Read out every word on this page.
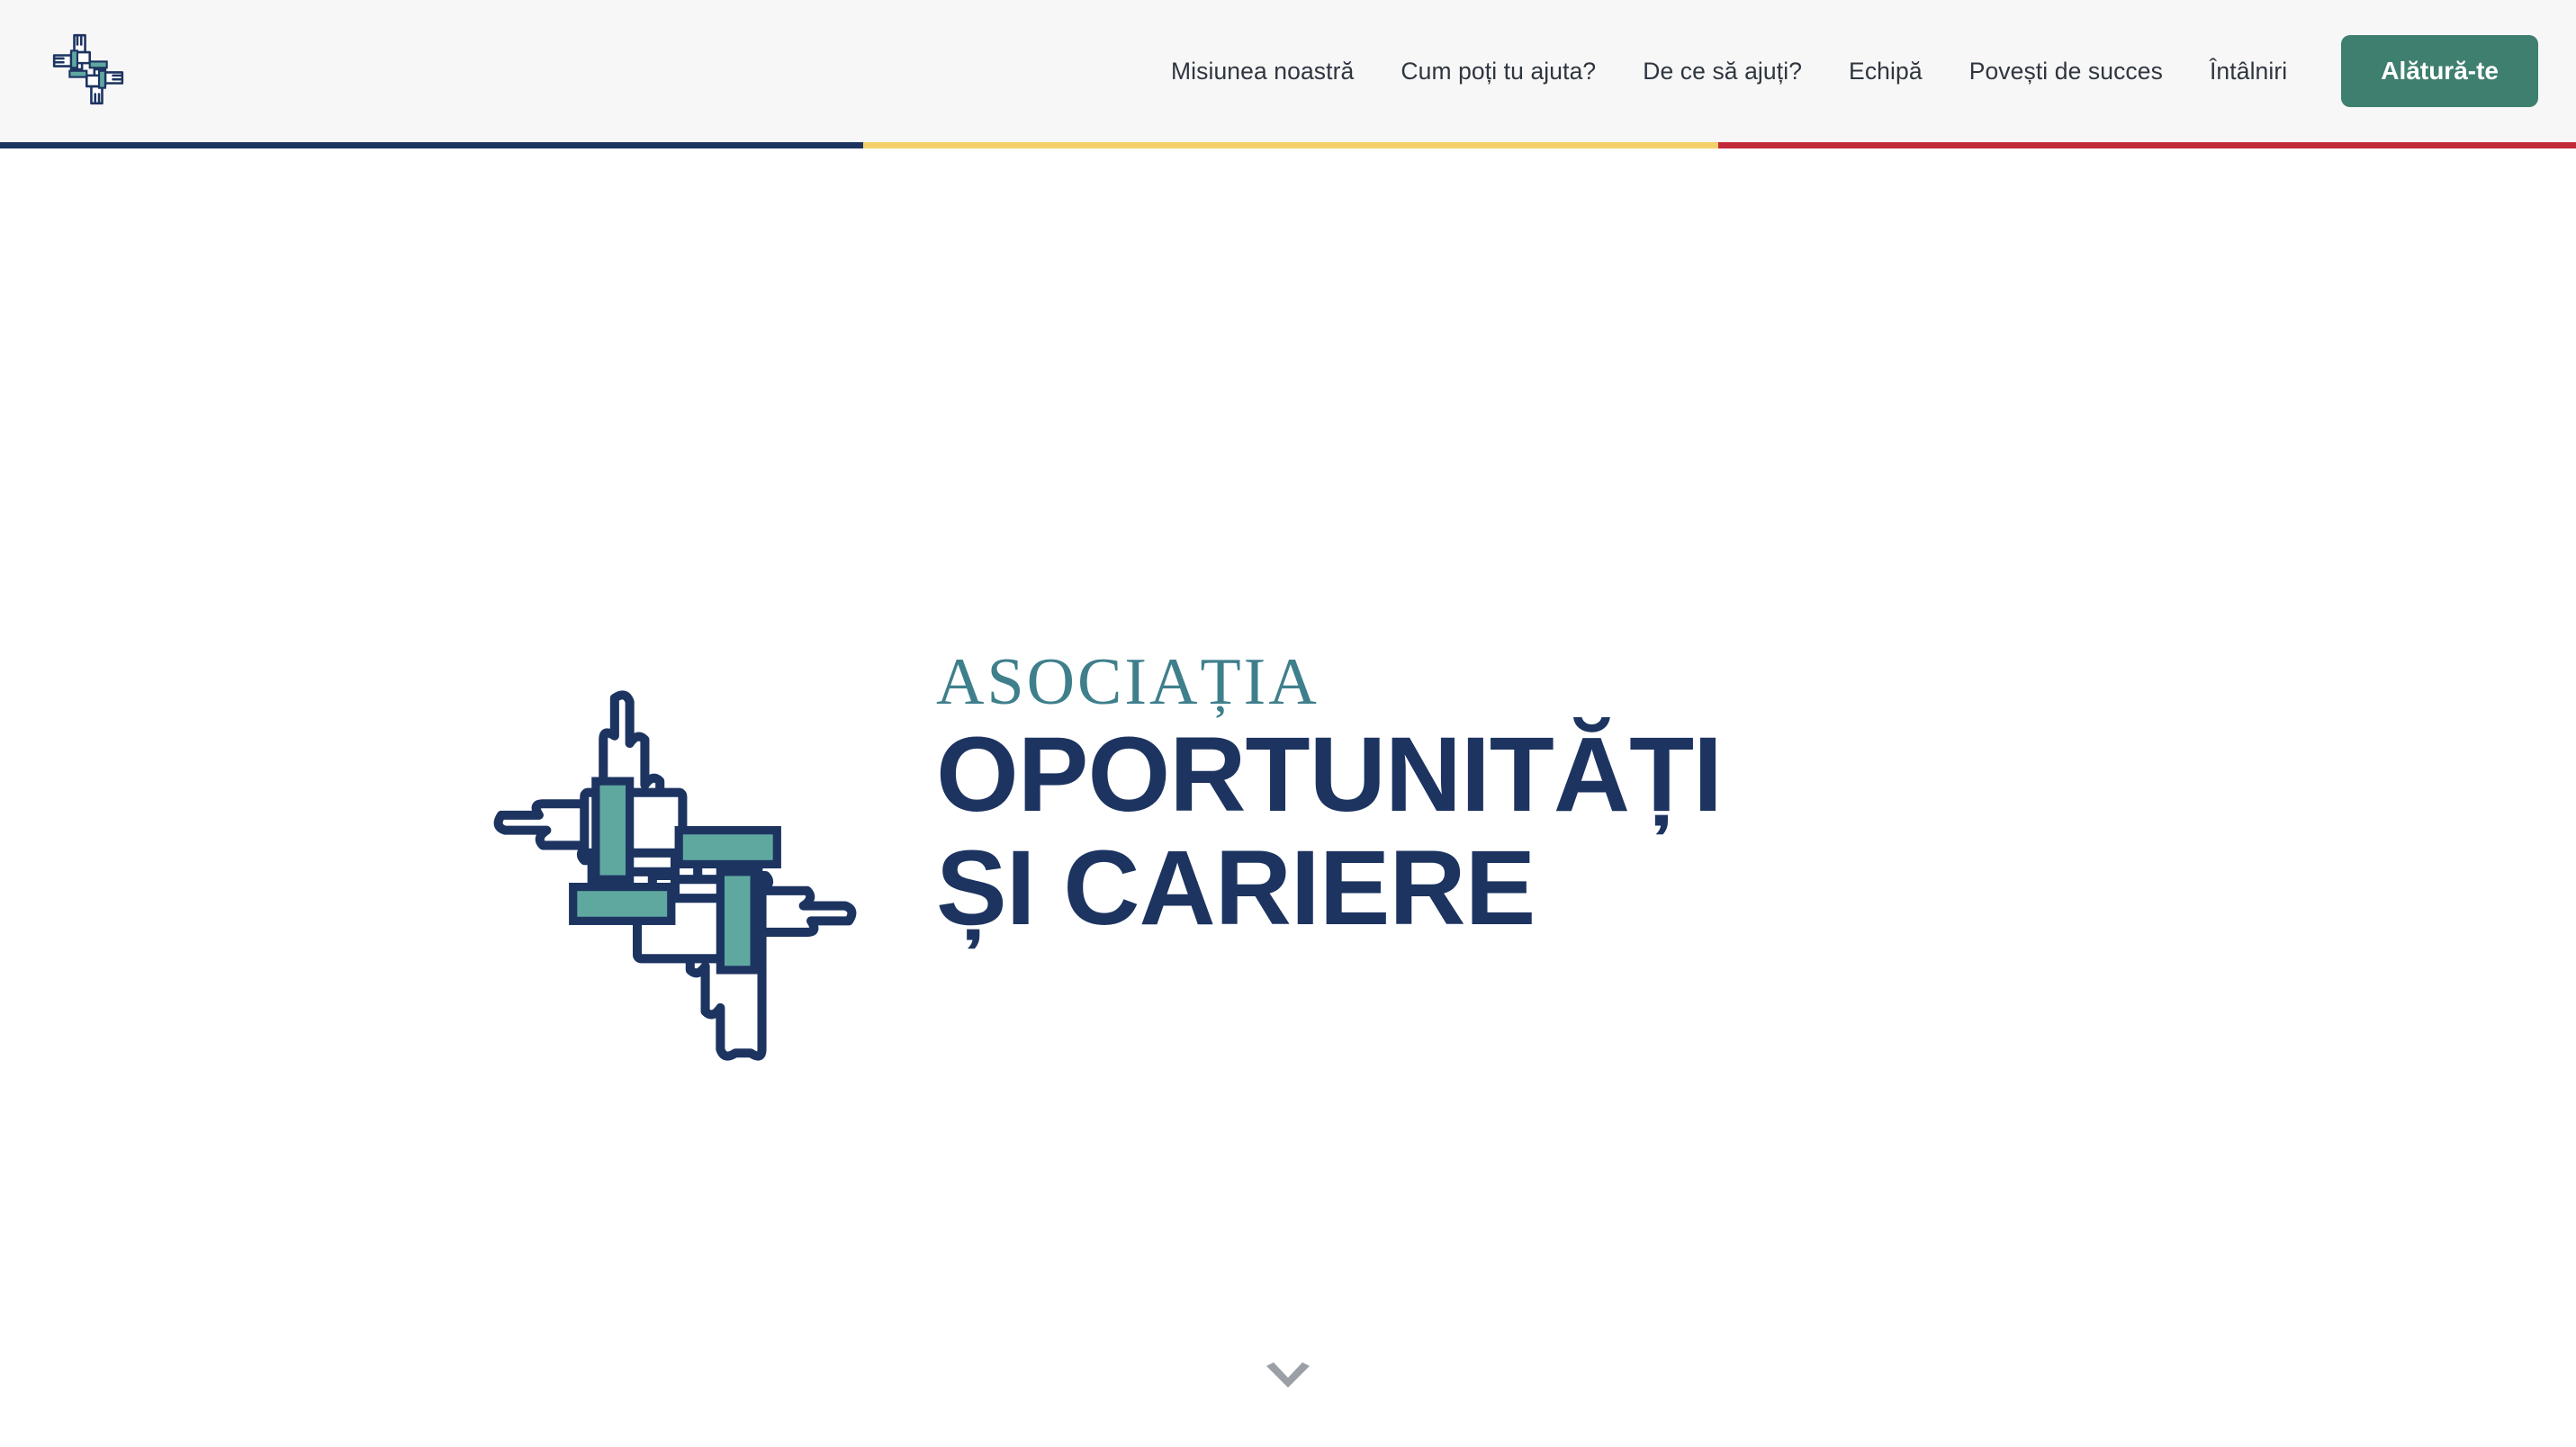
Misiunea noastră	Cum poți tu ajuta?	De ce să ajuți?	Echipă	Povești de succes	Întâlniri	Alătură-te
ASOCIAȚIA
OPORTUNITĂȚI
ȘI CARIERE
